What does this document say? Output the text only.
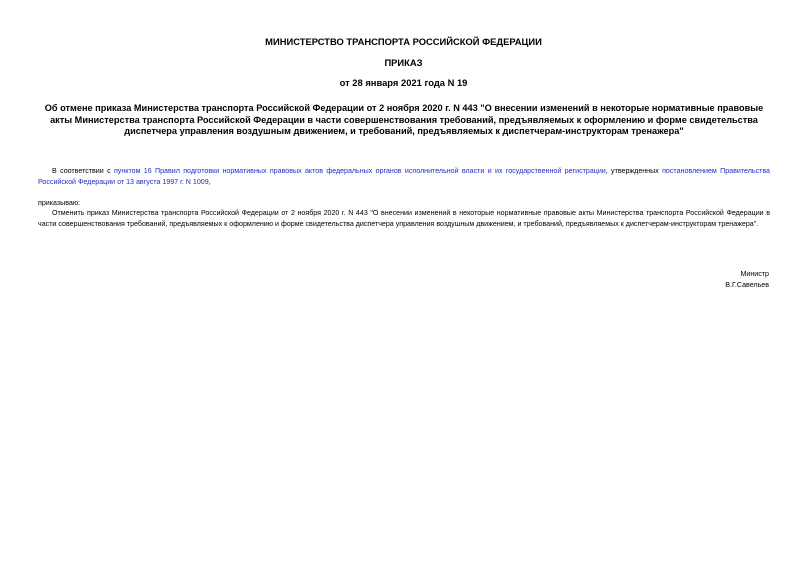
МИНИСТЕРСТВО ТРАНСПОРТА РОССИЙСКОЙ ФЕДЕРАЦИИ
ПРИКАЗ
от 28 января 2021 года N 19
Об отмене приказа Министерства транспорта Российской Федерации от 2 ноября 2020 г. N 443 "О внесении изменений в некоторые нормативные правовые акты Министерства транспорта Российской Федерации в части совершенствования требований, предъявляемых к оформлению и форме свидетельства диспетчера управления воздушным движением, и требований, предъявляемых к диспетчерам-инструкторам тренажера"
В соответствии с пунктом 16 Правил подготовки нормативных правовых актов федеральных органов исполнительной власти и их государственной регистрации, утвержденных постановлением Правительства Российской Федерации от 13 августа 1997 г. N 1009,
приказываю:
Отменить приказ Министерства транспорта Российской Федерации от 2 ноября 2020 г. N 443 "О внесении изменений в некоторые нормативные правовые акты Министерства транспорта Российской Федерации в части совершенствования требований, предъявляемых к оформлению и форме свидетельства диспетчера управления воздушным движением, и требований, предъявляемых к диспетчерам-инструкторам тренажера".
Министр
В.Г.Савельев
